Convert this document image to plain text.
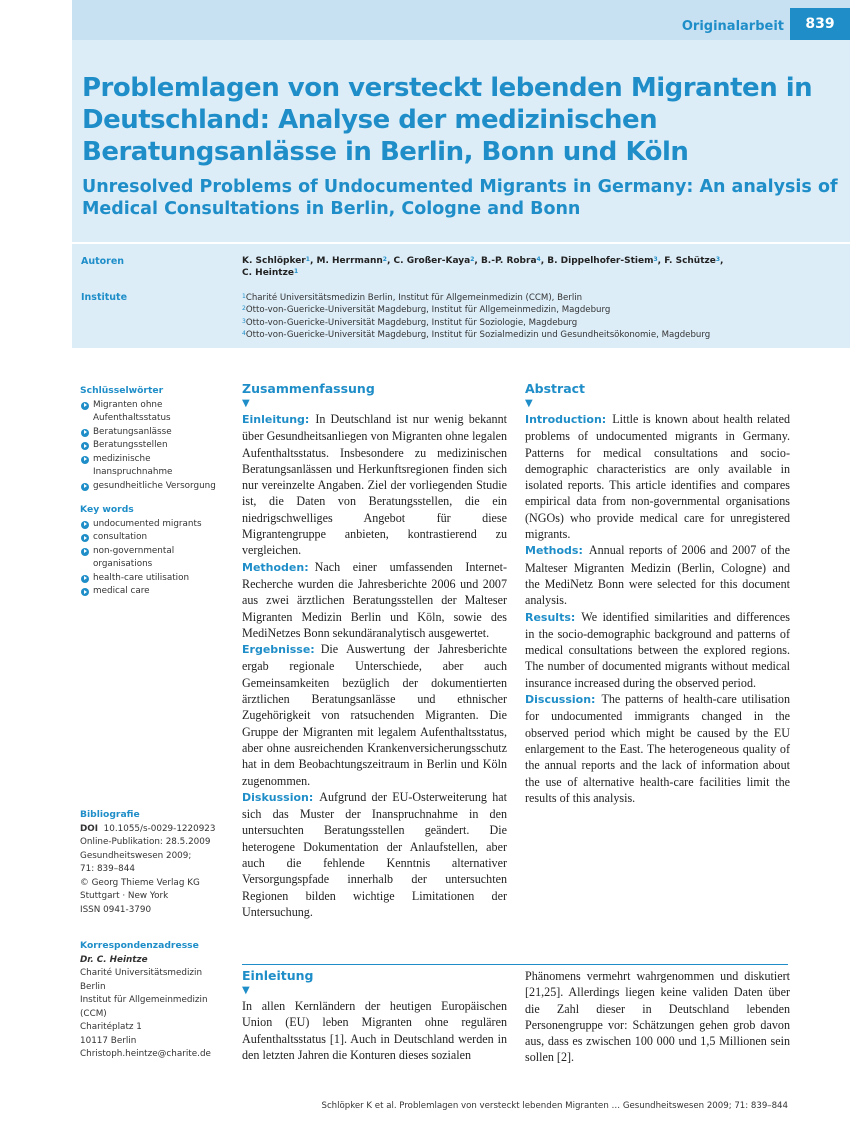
Originalarbeit	839
Problemlagen von versteckt lebenden Migranten in Deutschland: Analyse der medizinischen Beratungsanlässe in Berlin, Bonn und Köln
Unresolved Problems of Undocumented Migrants in Germany: An analysis of Medical Consultations in Berlin, Cologne and Bonn
Autoren
Institute
K. Schlöpker$^1$, M. Herrmann$^2$, C. Großer-Kaya$^2$, B.-P. Robra$^4$, B. Dippelhofer-Stiem$^3$, F. Schütze$^3$,
C. Heintze$^1$
$^1$Charité Universitätsmedizin Berlin, Institut für Allgemeinmedizin (CCM), Berlin
$^2$Otto-von-Guericke-Universität Magdeburg, Institut für Allgemeinmedizin, Magdeburg
$^3$Otto-von-Guericke-Universität Magdeburg, Institut für Soziologie, Magdeburg
$^4$Otto-von-Guericke-Universität Magdeburg, Institut für Sozialmedizin und Gesundheitsökonomie, Magdeburg
Schlüsselwörter
Migranten ohne Aufenthaltsstatus
Beratungsanlässe
Beratungsstellen
medizinische Inanspruchnahme
gesundheitliche Versorgung
Key words
undocumented migrants
consultation
non-governmental organisations
health-care utilisation
medical care
Bibliografie
DOI 10.1055/s-0029-1220923
Online-Publikation: 28.5.2009
Gesundheitswesen 2009;
71: 839–844
© Georg Thieme Verlag KG
Stuttgart · New York
ISSN 0941-3790
Korrespondenzadresse
Dr. C. Heintze
Charité Universitätsmedizin
Berlin
Institut für Allgemeinmedizin
(CCM)
Charitéplatz 1
10117 Berlin
Christoph.heintze@charite.de
Zusammenfassung
▼

Einleitung: In Deutschland ist nur wenig bekannt über Gesundheitsanliegen von Migranten ohne legalen Aufenthaltsstatus. Insbesondere zu medizinischen Beratungsanlässen und Herkunftsregionen finden sich nur vereinzelte Angaben. Ziel der vorliegenden Studie ist, die Daten von Beratungsstellen, die ein niedrigschwelliges Angebot für diese Migrantengruppe anbieten, kontrastierend zu vergleichen.

Methoden: Nach einer umfassenden Internet-Recherche wurden die Jahresberichte 2006 und 2007 aus zwei ärztlichen Beratungsstellen der Malteser Migranten Medizin Berlin und Köln, sowie des MediNetzes Bonn sekundäranalytisch ausgewertet.

Ergebnisse: Die Auswertung der Jahresberichte ergab regionale Unterschiede, aber auch Gemeinsamkeiten bezüglich der dokumentierten ärztlichen Beratungsanlässe und ethnischer Zugehörigkeit von ratsuchenden Migranten. Die Gruppe der Migranten mit legalem Aufenthaltsstatus, aber ohne ausreichenden Krankenversicherungsschutz hat in dem Beobachtungszeitraum in Berlin und Köln zugenommen.

Diskussion: Aufgrund der EU-Osterweiterung hat sich das Muster der Inanspruchnahme in den untersuchten Beratungsstellen geändert. Die heterogene Dokumentation der Anlaufstellen, aber auch die fehlende Kenntnis alternativer Versorgungspfade innerhalb der untersuchten Regionen bilden wichtige Limitationen der Untersuchung.

Abstract
▼

Introduction: Little is known about health related problems of undocumented migrants in Germany. Patterns for medical consultations and socio-demographic characteristics are only available in isolated reports. This article identifies and compares empirical data from non-governmental organisations (NGOs) who provide medical care for unregistered migrants.

Methods: Annual reports of 2006 and 2007 of the Malteser Migranten Medizin (Berlin, Cologne) and the MediNetz Bonn were selected for this document analysis.

Results: We identified similarities and differences in the socio-demographic background and patterns of medical consultations between the explored regions. The number of documented migrants without medical insurance increased during the observed period.

Discussion: The patterns of health-care utilisation for undocumented immigrants changed in the observed period which might be caused by the EU enlargement to the East. The heterogeneous quality of the annual reports and the lack of information about the use of alternative health-care facilities limit the results of this analysis.

Einleitung
▼
In allen Kernländern der heutigen Europäischen Union (EU) leben Migranten ohne regulären Aufenthaltsstatus [1]. Auch in Deutschland werden in den letzten Jahren die Konturen dieses sozialen
Phänomens vermehrt wahrgenommen und diskutiert [21,25]. Allerdings liegen keine validen Daten über die Zahl dieser in Deutschland lebenden Personengruppe vor: Schätzungen gehen grob davon aus, dass es zwischen 100 000 und 1,5 Millionen sein sollen [2].
Schlöpker K et al. Problemlagen von versteckt lebenden Migranten … Gesundheitswesen 2009; 71: 839–844
